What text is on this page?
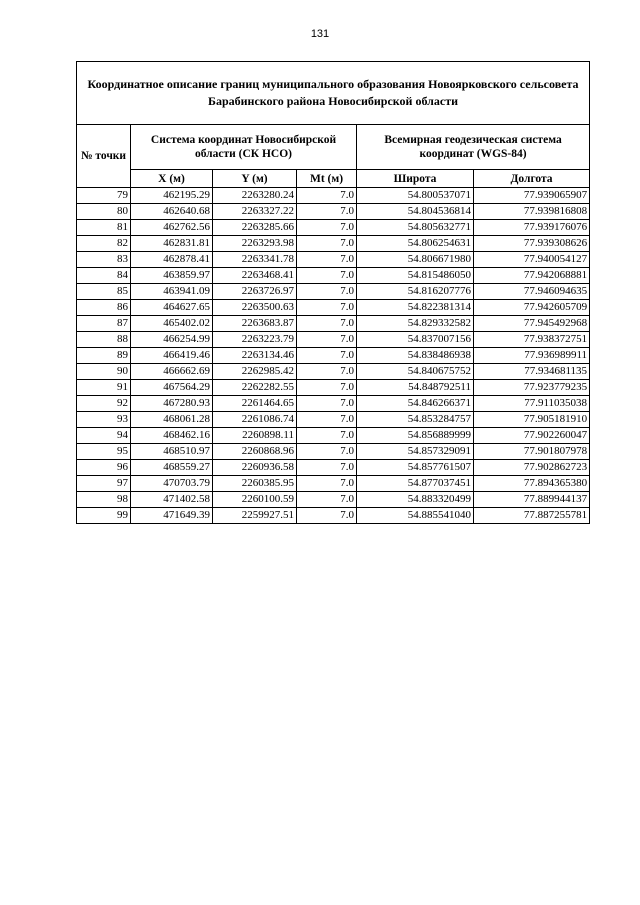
131
Координатное описание границ муниципального образования Новоярковского сельсовета Барабинского района Новосибирской области					
№ точки	Система координат Новосибирской области (СК НСО)			Всемирная геодезическая система координат (WGS-84)	
	X (м)	Y (м)	Mt (м)	Широта	Долгота
79	462195.29	2263280.24	7.0	54.800537071	77.939065907
80	462640.68	2263327.22	7.0	54.804536814	77.939816808
81	462762.56	2263285.66	7.0	54.805632771	77.939176076
82	462831.81	2263293.98	7.0	54.806254631	77.939308626
83	462878.41	2263341.78	7.0	54.806671980	77.940054127
84	463859.97	2263468.41	7.0	54.815486050	77.942068881
85	463941.09	2263726.97	7.0	54.816207776	77.946094635
86	464627.65	2263500.63	7.0	54.822381314	77.942605709
87	465402.02	2263683.87	7.0	54.829332582	77.945492968
88	466254.99	2263223.79	7.0	54.837007156	77.938372751
89	466419.46	2263134.46	7.0	54.838486938	77.936989911
90	466662.69	2262985.42	7.0	54.840675752	77.934681135
91	467564.29	2262282.55	7.0	54.848792511	77.923779235
92	467280.93	2261464.65	7.0	54.846266371	77.911035038
93	468061.28	2261086.74	7.0	54.853284757	77.905181910
94	468462.16	2260898.11	7.0	54.856889999	77.902260047
95	468510.97	2260868.96	7.0	54.857329091	77.901807978
96	468559.27	2260936.58	7.0	54.857761507	77.902862723
97	470703.79	2260385.95	7.0	54.877037451	77.894365380
98	471402.58	2260100.59	7.0	54.883320499	77.889944137
99	471649.39	2259927.51	7.0	54.885541040	77.887255781
